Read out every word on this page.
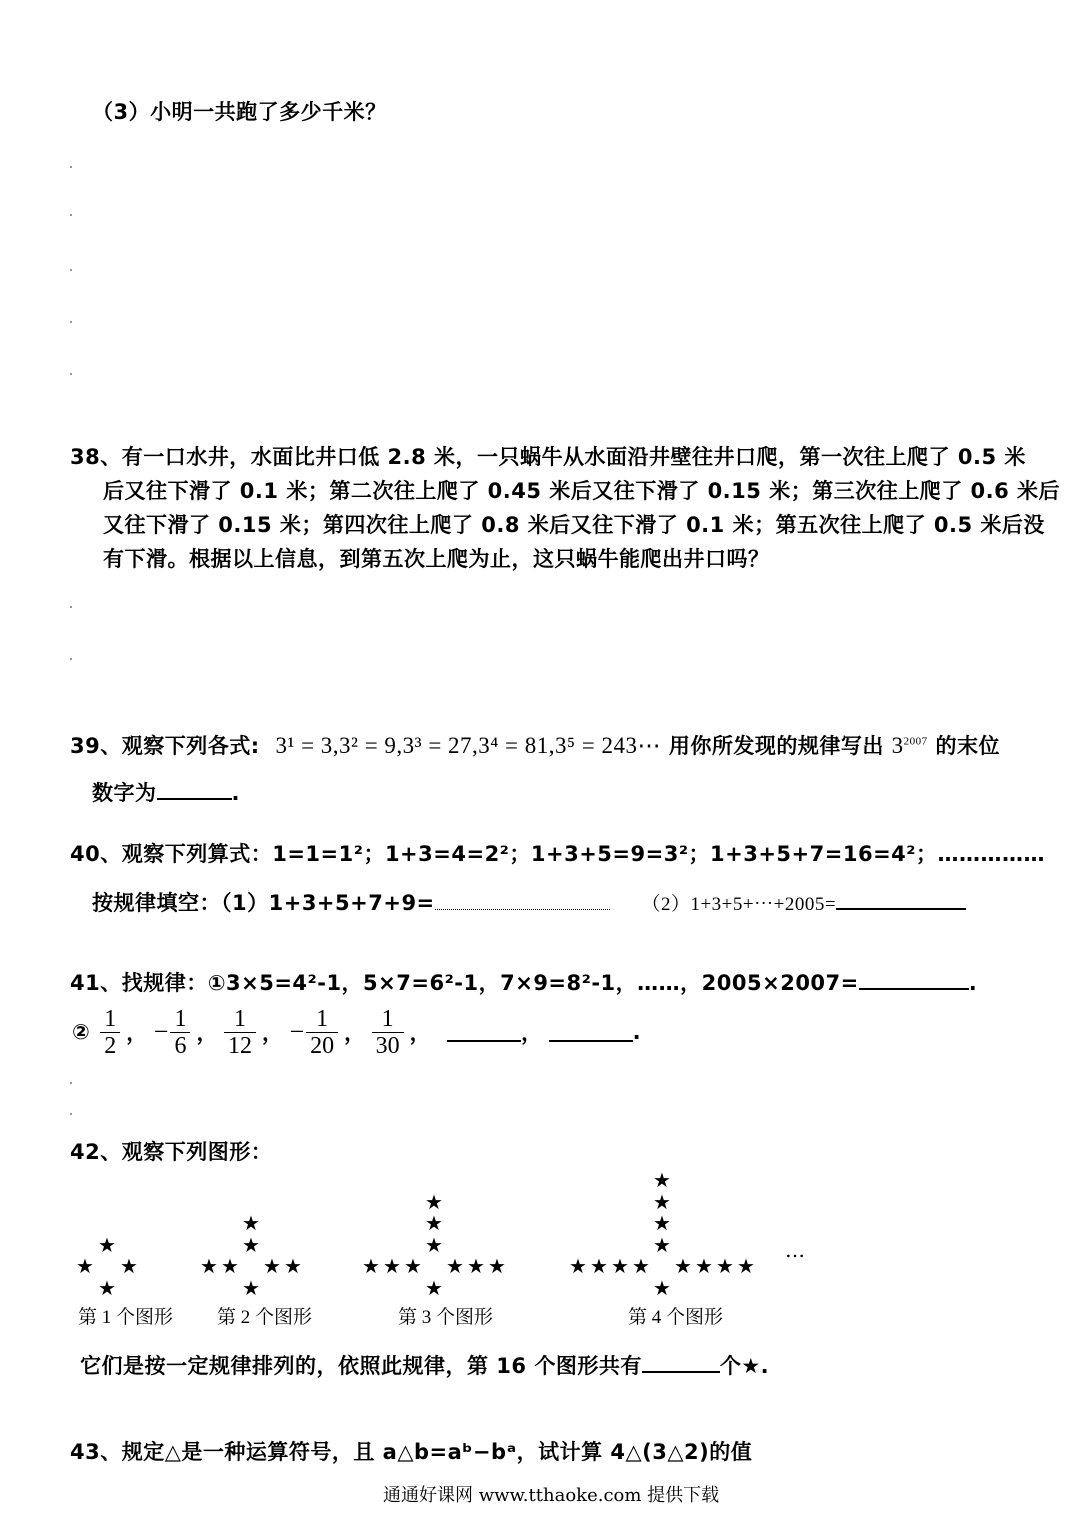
（3）小明一共跑了多少千米？
38、有一口水井，水面比井口低 2.8 米，一只蜗牛从水面沿井壁往井口爬，第一次往上爬了 0.5 米
后又往下滑了 0.1 米；第二次往上爬了 0.45 米后又往下滑了 0.15 米；第三次往上爬了 0.6 米后
又往下滑了 0.15 米；第四次往上爬了 0.8 米后又往下滑了 0.1 米；第五次往上爬了 0.5 米后没
有下滑。根据以上信息，到第五次上爬为止，这只蜗牛能爬出井口吗？
39、观察下列各式: 3¹ = 3,3² = 9,3³ = 27,3⁴ = 81,3⁵ = 243⋯ 用你所发现的规律写出 $3^{2007}$ 的末位
数字为	.
40、观察下列算式：1=1=1²；1+3=4=2²；1+3+5=9=3²；1+3+5+7=16=4²；……………
按规律填空：（1）1+3+5+7+9=	（2）1+3+5+⋯+2005=
41、找规律：①3×5=4²-1，5×7=6²-1，7×9=8²-1，……，2005×2007=	.
② $\frac{1}{2}$ ， − $\frac{1}{6}$ ， $\frac{1}{12}$ ， − $\frac{1}{20}$ ， $\frac{1}{30}$ ，	，	.
42、观察下列图形：
★ ★
★
★
★ ★
★	★
★
★
★
★ ★
★	★
★	★
★
★
★
★
★ ★
★	★
★	★
★	★
★
★
★
★
★
第 1 个图形 第 2 个图形	第 3 个图形	第 4 个图形
…
它们是按一定规律排列的，依照此规律，第 16 个图形共有	个★.
43、规定△是一种运算符号，且 a△b=aᵇ−bᵃ，试计算 4△(3△2)的值
通通好课网 www.tthaoke.com 提供下载
